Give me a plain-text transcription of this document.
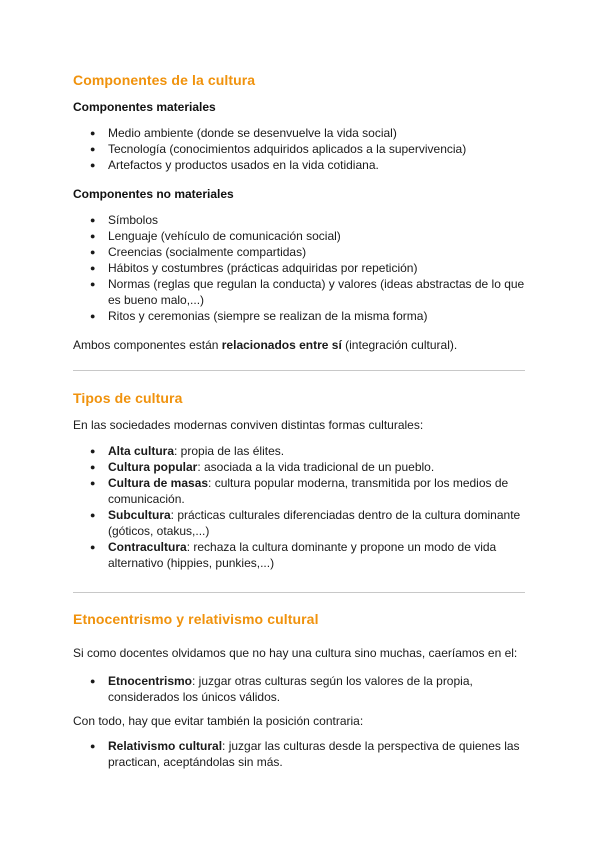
Componentes de la cultura
Componentes materiales
● Medio ambiente (donde se desenvuelve la vida social)
● Tecnología (conocimientos adquiridos aplicados a la supervivencia)
● Artefactos y productos usados en la vida cotidiana.
Componentes no materiales
● Símbolos
● Lenguaje (vehículo de comunicación social)
● Creencias (socialmente compartidas)
● Hábitos y costumbres (prácticas adquiridas por repetición)
● Normas (reglas que regulan la conducta) y valores (ideas abstractas de lo que es bueno malo,...)
● Ritos y ceremonias (siempre se realizan de la misma forma)

Ambos componentes están relacionados entre sí (integración cultural).

Tipos de cultura

En las sociedades modernas conviven distintas formas culturales:

● Alta cultura: propia de las élites.
● Cultura popular: asociada a la vida tradicional de un pueblo.
● Cultura de masas: cultura popular moderna, transmitida por los medios de comunicación.
● Subcultura: prácticas culturales diferenciadas dentro de la cultura dominante (góticos, otakus,...)
● Contracultura: rechaza la cultura dominante y propone un modo de vida alternativo (hippies, punkies,...)
Etnocentrismo y relativismo cultural

Si como docentes olvidamos que no hay una cultura sino muchas, caeríamos en el:

● Etnocentrismo: juzgar otras culturas según los valores de la propia, considerados los únicos válidos.

Con todo, hay que evitar también la posición contraria:

● Relativismo cultural: juzgar las culturas desde la perspectiva de quienes las practican, aceptándolas sin más.
